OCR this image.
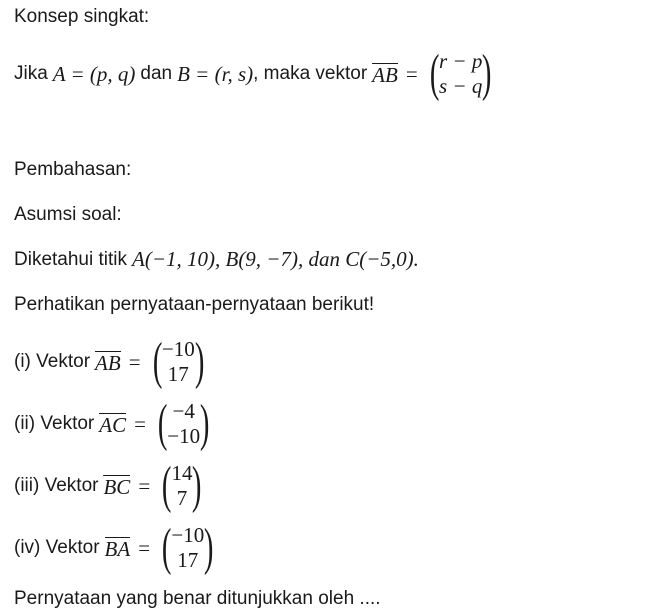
Konsep singkat:
Jika A = (p, q) dan B = (r, s) , maka vektor AB = ( r − p
s − q )
Pembahasan:
Asumsi soal:
Diketahui titik A(−1, 10), B(9, −7), dan C(−5,0).
Perhatikan pernyataan-pernyataan berikut!
(i) Vektor AB = ( −10
17 )
(ii) Vektor AC = ( −4
−10 )
(iii) Vektor BC = ( 14
7 )
(iv) Vektor BA = ( −10
17 )
Pernyataan yang benar ditunjukkan oleh ....
